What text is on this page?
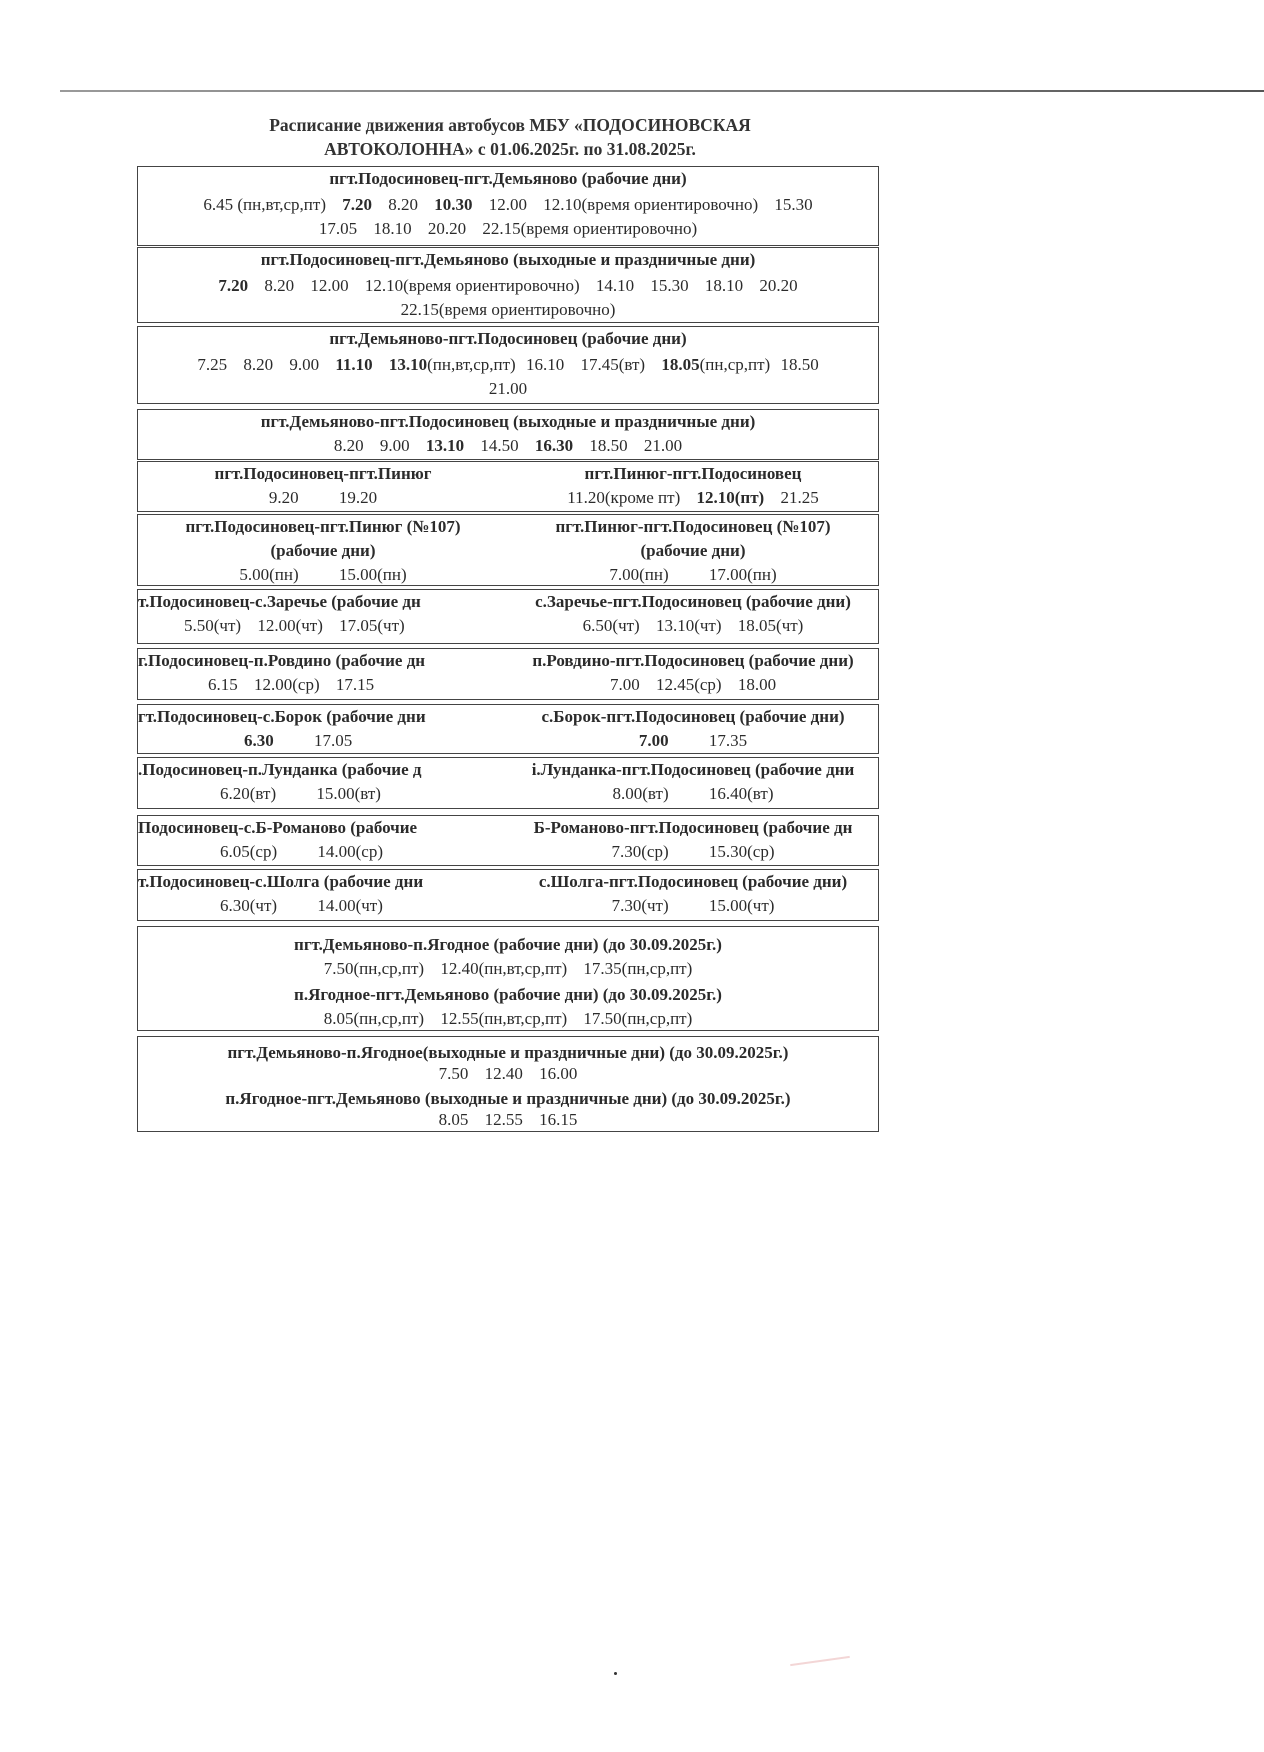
Расписание движения автобусов МБУ «ПОДОСИНОВСКАЯ
АВТОКОЛОННА» с 01.06.2025г. по 31.08.2025г.
пгт.Подосиновец-пгт.Демьяново (рабочие дни)
6.45 (пн,вт,ср,пт) 7.20 8.20 10.30 12.00 12.10(время ориентировочно) 15.30
17.05 18.10 20.20 22.15(время ориентировочно)
пгт.Подосиновец-пгт.Демьяново (выходные и праздничные дни)
7.20 8.20 12.00 12.10(время ориентировочно) 14.10 15.30 18.10 20.20
22.15(время ориентировочно)
пгт.Демьяново-пгт.Подосиновец (рабочие дни)
7.25 8.20 9.00 11.10 13.10(пн,вт,ср,пт) 16.10 17.45(вт) 18.05(пн,ср,пт) 18.50
21.00
пгт.Демьяново-пгт.Подосиновец (выходные и праздничные дни)
8.20 9.00 13.10 14.50 16.30 18.50 21.00
пгт.Подосиновец-пгт.Пинюг
9.20 19.20
пгт.Пинюг-пгт.Подосиновец
11.20(кроме пт) 12.10(пт) 21.25
пгт.Подосиновец-пгт.Пинюг (№107)
(рабочие дни)
5.00(пн) 15.00(пн)
пгт.Пинюг-пгт.Подосиновец (№107)
(рабочие дни)
7.00(пн) 17.00(пн)
т.Подосиновец-с.Заречье (рабочие дн
5.50(чт) 12.00(чт) 17.05(чт)
с.Заречье-пгт.Подосиновец (рабочие дни)
6.50(чт) 13.10(чт) 18.05(чт)
г.Подосиновец-п.Ровдино (рабочие дн
6.15 12.00(ср) 17.15
п.Ровдино-пгт.Подосиновец (рабочие дни)
7.00 12.45(ср) 18.00
гт.Подосиновец-с.Борок (рабочие дни
6.30 17.05
с.Борок-пгт.Подосиновец (рабочие дни)
7.00 17.35
.Подосиновец-п.Лунданка (рабочие д
6.20(вт) 15.00(вт)
і.Лунданка-пгт.Подосиновец (рабочие дни
8.00(вт) 16.40(вт)
Подосиновец-с.Б-Романово (рабочие
6.05(ср) 14.00(ср)
Б-Романово-пгт.Подосиновец (рабочие дн
7.30(ср) 15.30(ср)
т.Подосиновец-с.Шолга (рабочие дни
6.30(чт) 14.00(чт)
с.Шолга-пгт.Подосиновец (рабочие дни)
7.30(чт) 15.00(чт)
пгт.Демьяново-п.Ягодное (рабочие дни) (до 30.09.2025г.)
7.50(пн,ср,пт) 12.40(пн,вт,ср,пт) 17.35(пн,ср,пт)
п.Ягодное-пгт.Демьяново (рабочие дни) (до 30.09.2025г.)
8.05(пн,ср,пт) 12.55(пн,вт,ср,пт) 17.50(пн,ср,пт)
пгт.Демьяново-п.Ягодное(выходные и праздничные дни) (до 30.09.2025г.)
7.50 12.40 16.00
п.Ягодное-пгт.Демьяново (выходные и праздничные дни) (до 30.09.2025г.)
8.05 12.55 16.15
